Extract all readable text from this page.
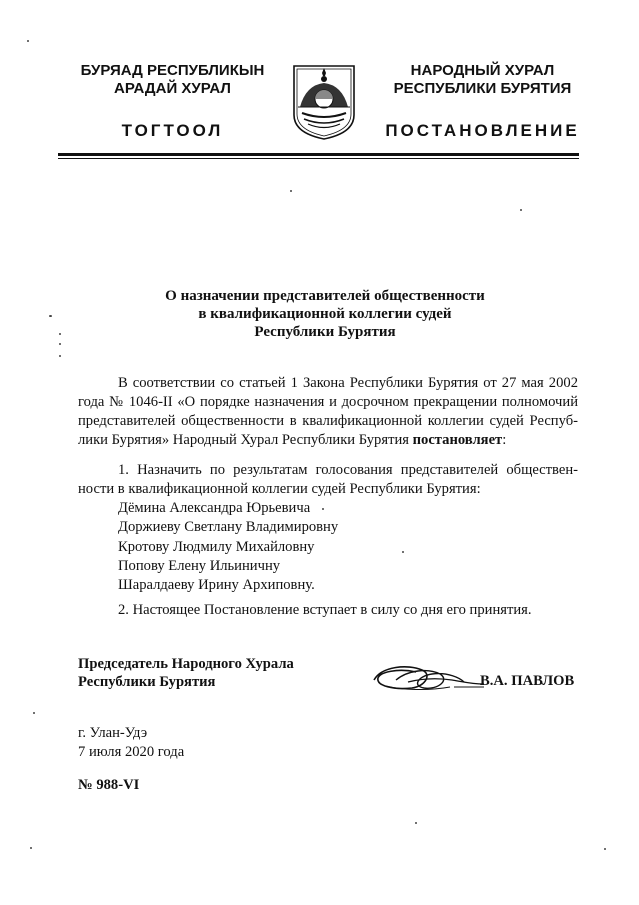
БУРЯАД РЕСПУБЛИКЫН
АРАДАЙ ХУРАЛ
ТОГТООЛ
НАРОДНЫЙ ХУРАЛ
РЕСПУБЛИКИ БУРЯТИЯ
ПОСТАНОВЛЕНИЕ
О назначении представителей общественности
в квалификационной коллегии судей
Республики Бурятия
В соответствии со статьей 1 Закона Республики Бурятия от 27 мая 2002
года № 1046-II «О порядке назначения и досрочном прекращении полномочий
представителей общественности в квалификационной коллегии судей Респуб-
лики Бурятия» Народный Хурал Республики Бурятия постановляет:
1. Назначить по результатам голосования представителей обществен-
ности в квалификационной коллегии судей Республики Бурятия:
Дёмина Александра Юрьевича
Доржиеву Светлану Владимировну
Кротову Людмилу Михайловну
Попову Елену Ильиничну
Шаралдаеву Ирину Архиповну.
2. Настоящее Постановление вступает в силу со дня его принятия.
Председатель Народного Хурала
Республики Бурятия	В.А. ПАВЛОВ
г. Улан-Удэ
7 июля 2020 года
№ 988-VI
